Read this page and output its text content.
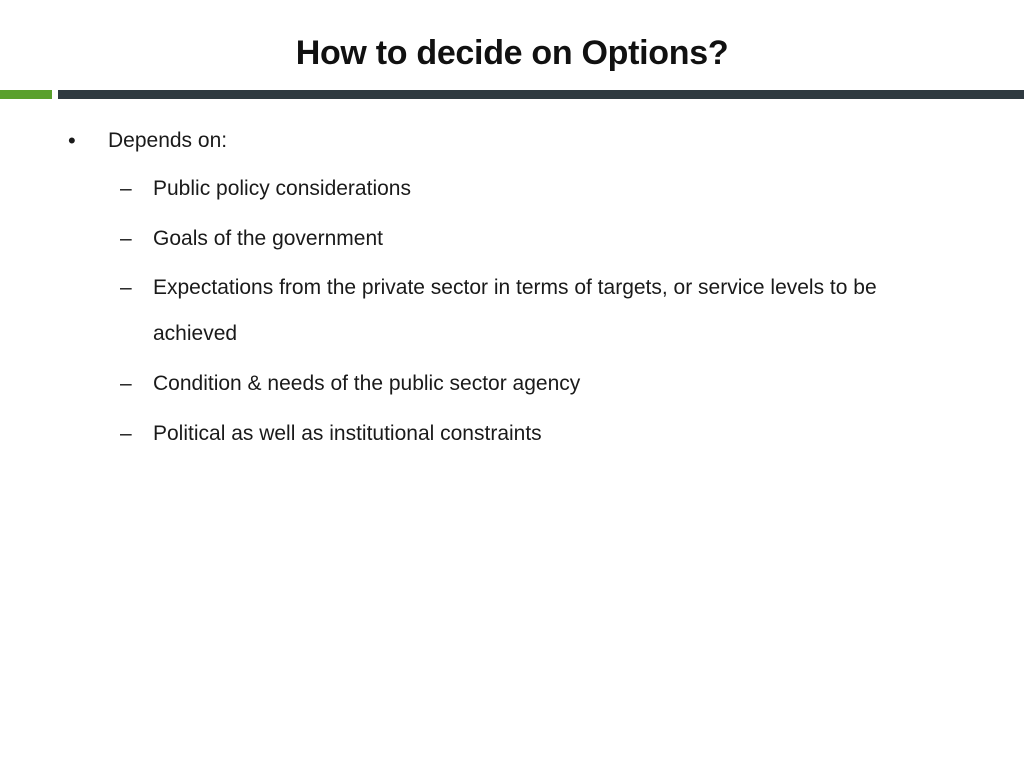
How to decide on Options?
• Depends on:
– Public policy considerations
– Goals of the government
– Expectations from the private sector in terms of targets, or service levels to be achieved
– Condition & needs of the public sector agency
– Political as well as institutional constraints
